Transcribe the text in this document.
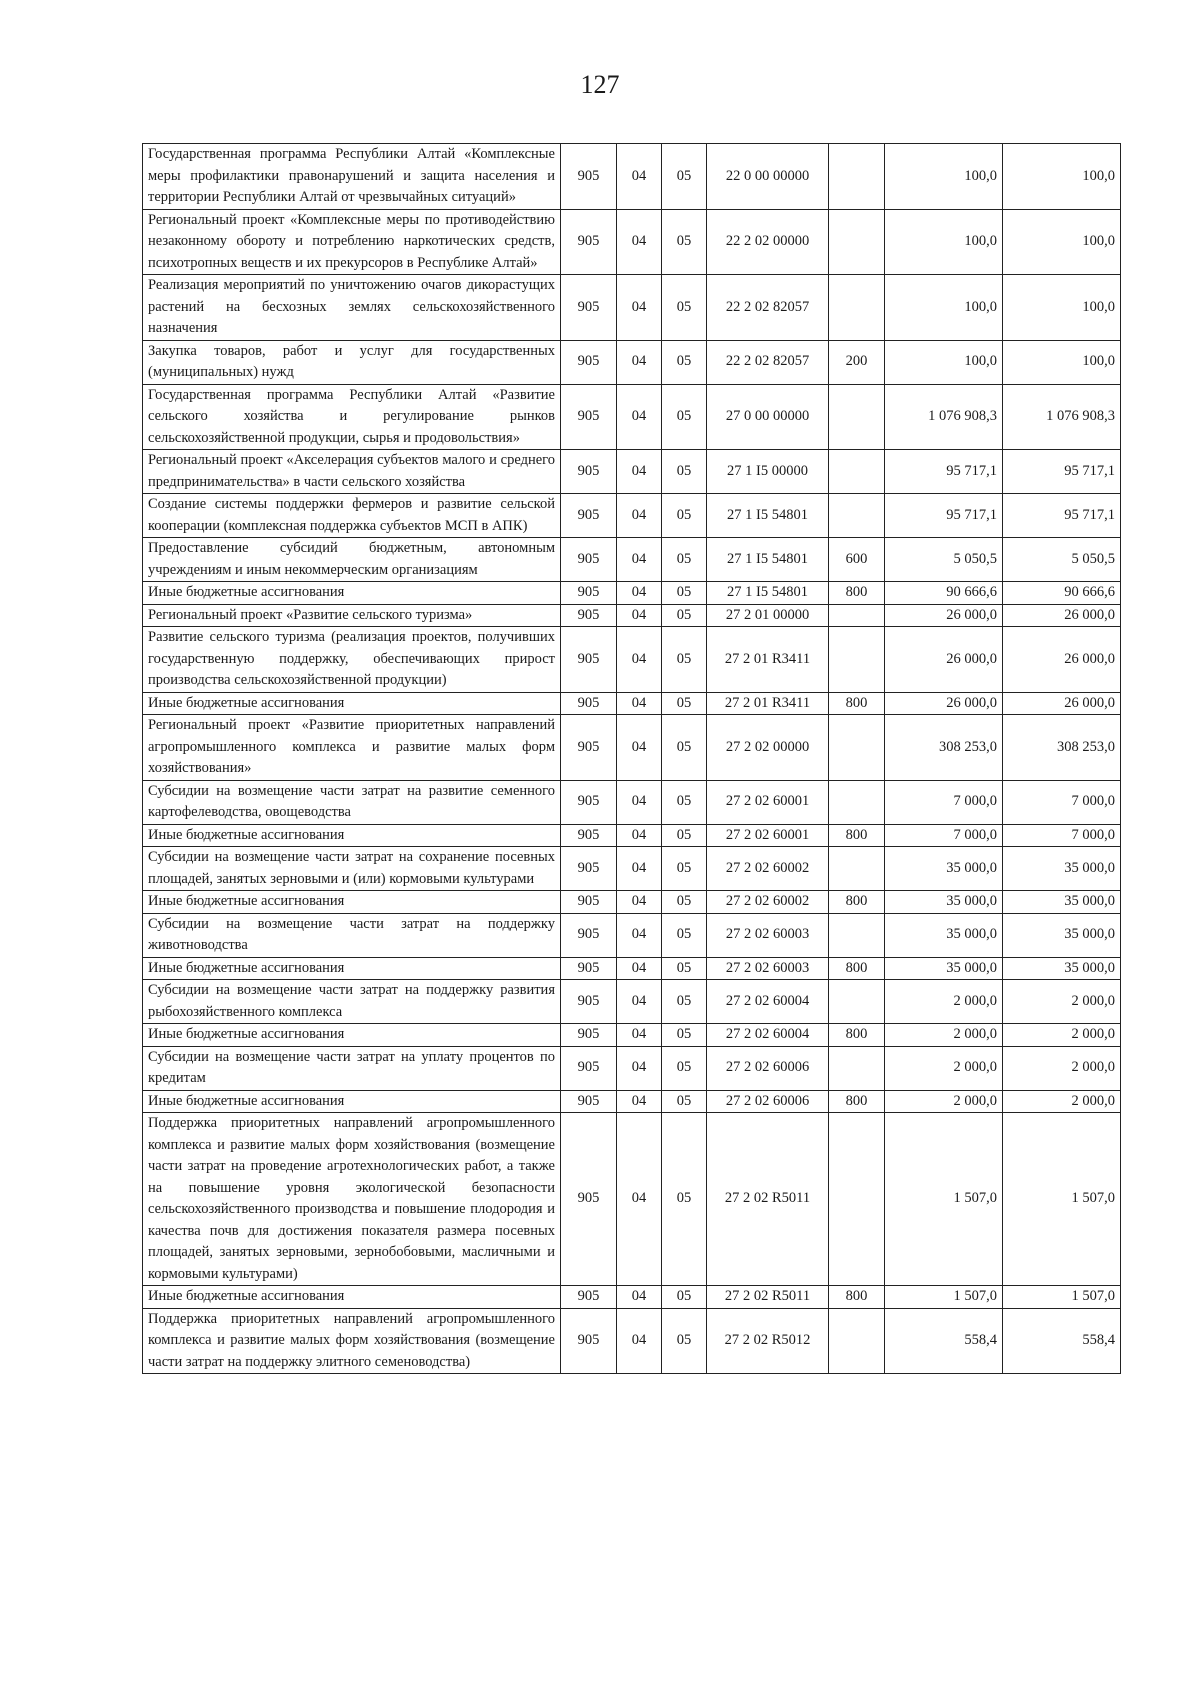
127
Государственная программа Республики Алтай «Комплексные меры профилактики правонарушений и защита населения и территории Республики Алтай от чрезвычайных ситуаций»	905	04	05	22 0 00 00000		100,0	100,0
Региональный проект «Комплексные меры по противодействию незаконному обороту и потреблению наркотических средств, психотропных веществ и их прекурсоров в Республике Алтай»	905	04	05	22 2 02 00000		100,0	100,0
Реализация мероприятий по уничтожению очагов дикорастущих растений на бесхозных землях сельскохозяйственного назначения	905	04	05	22 2 02 82057		100,0	100,0
Закупка товаров, работ и услуг для государственных (муниципальных) нужд	905	04	05	22 2 02 82057	200	100,0	100,0
Государственная программа Республики Алтай «Развитие сельского хозяйства и регулирование рынков сельскохозяйственной продукции, сырья и продовольствия»	905	04	05	27 0 00 00000		1 076 908,3	1 076 908,3
Региональный проект «Акселерация субъектов малого и среднего предпринимательства» в части сельского хозяйства	905	04	05	27 1 I5 00000		95 717,1	95 717,1
Создание системы поддержки фермеров и развитие сельской кооперации (комплексная поддержка субъектов МСП в АПК)	905	04	05	27 1 I5 54801		95 717,1	95 717,1
Предоставление субсидий бюджетным, автономным учреждениям и иным некоммерческим организациям	905	04	05	27 1 I5 54801	600	5 050,5	5 050,5
Иные бюджетные ассигнования	905	04	05	27 1 I5 54801	800	90 666,6	90 666,6
Региональный проект «Развитие сельского туризма»	905	04	05	27 2 01 00000		26 000,0	26 000,0
Развитие сельского туризма (реализация проектов, получивших государственную поддержку, обеспечивающих прирост производства сельскохозяйственной продукции)	905	04	05	27 2 01 R3411		26 000,0	26 000,0
Иные бюджетные ассигнования	905	04	05	27 2 01 R3411	800	26 000,0	26 000,0
Региональный проект «Развитие приоритетных направлений агропромышленного комплекса и развитие малых форм хозяйствования»	905	04	05	27 2 02 00000		308 253,0	308 253,0
Субсидии на возмещение части затрат на развитие семенного картофелеводства, овощеводства	905	04	05	27 2 02 60001		7 000,0	7 000,0
Иные бюджетные ассигнования	905	04	05	27 2 02 60001	800	7 000,0	7 000,0
Субсидии на возмещение части затрат на сохранение посевных площадей, занятых зерновыми и (или) кормовыми культурами	905	04	05	27 2 02 60002		35 000,0	35 000,0
Иные бюджетные ассигнования	905	04	05	27 2 02 60002	800	35 000,0	35 000,0
Субсидии на возмещение части затрат на поддержку животноводства	905	04	05	27 2 02 60003		35 000,0	35 000,0
Иные бюджетные ассигнования	905	04	05	27 2 02 60003	800	35 000,0	35 000,0
Субсидии на возмещение части затрат на поддержку развития рыбохозяйственного комплекса	905	04	05	27 2 02 60004		2 000,0	2 000,0
Иные бюджетные ассигнования	905	04	05	27 2 02 60004	800	2 000,0	2 000,0
Субсидии на возмещение части затрат на уплату процентов по кредитам	905	04	05	27 2 02 60006		2 000,0	2 000,0
Иные бюджетные ассигнования	905	04	05	27 2 02 60006	800	2 000,0	2 000,0
Поддержка приоритетных направлений агропромышленного комплекса и развитие малых форм хозяйствования (возмещение части затрат на проведение агротехнологических работ, а также на повышение уровня экологической безопасности сельскохозяйственного производства и повышение плодородия и качества почв для достижения показателя размера посевных площадей, занятых зерновыми, зернобобовыми, масличными и кормовыми культурами)	905	04	05	27 2 02 R5011		1 507,0	1 507,0
Иные бюджетные ассигнования	905	04	05	27 2 02 R5011	800	1 507,0	1 507,0
Поддержка приоритетных направлений агропромышленного комплекса и развитие малых форм хозяйствования (возмещение части затрат на поддержку элитного семеноводства)	905	04	05	27 2 02 R5012		558,4	558,4
